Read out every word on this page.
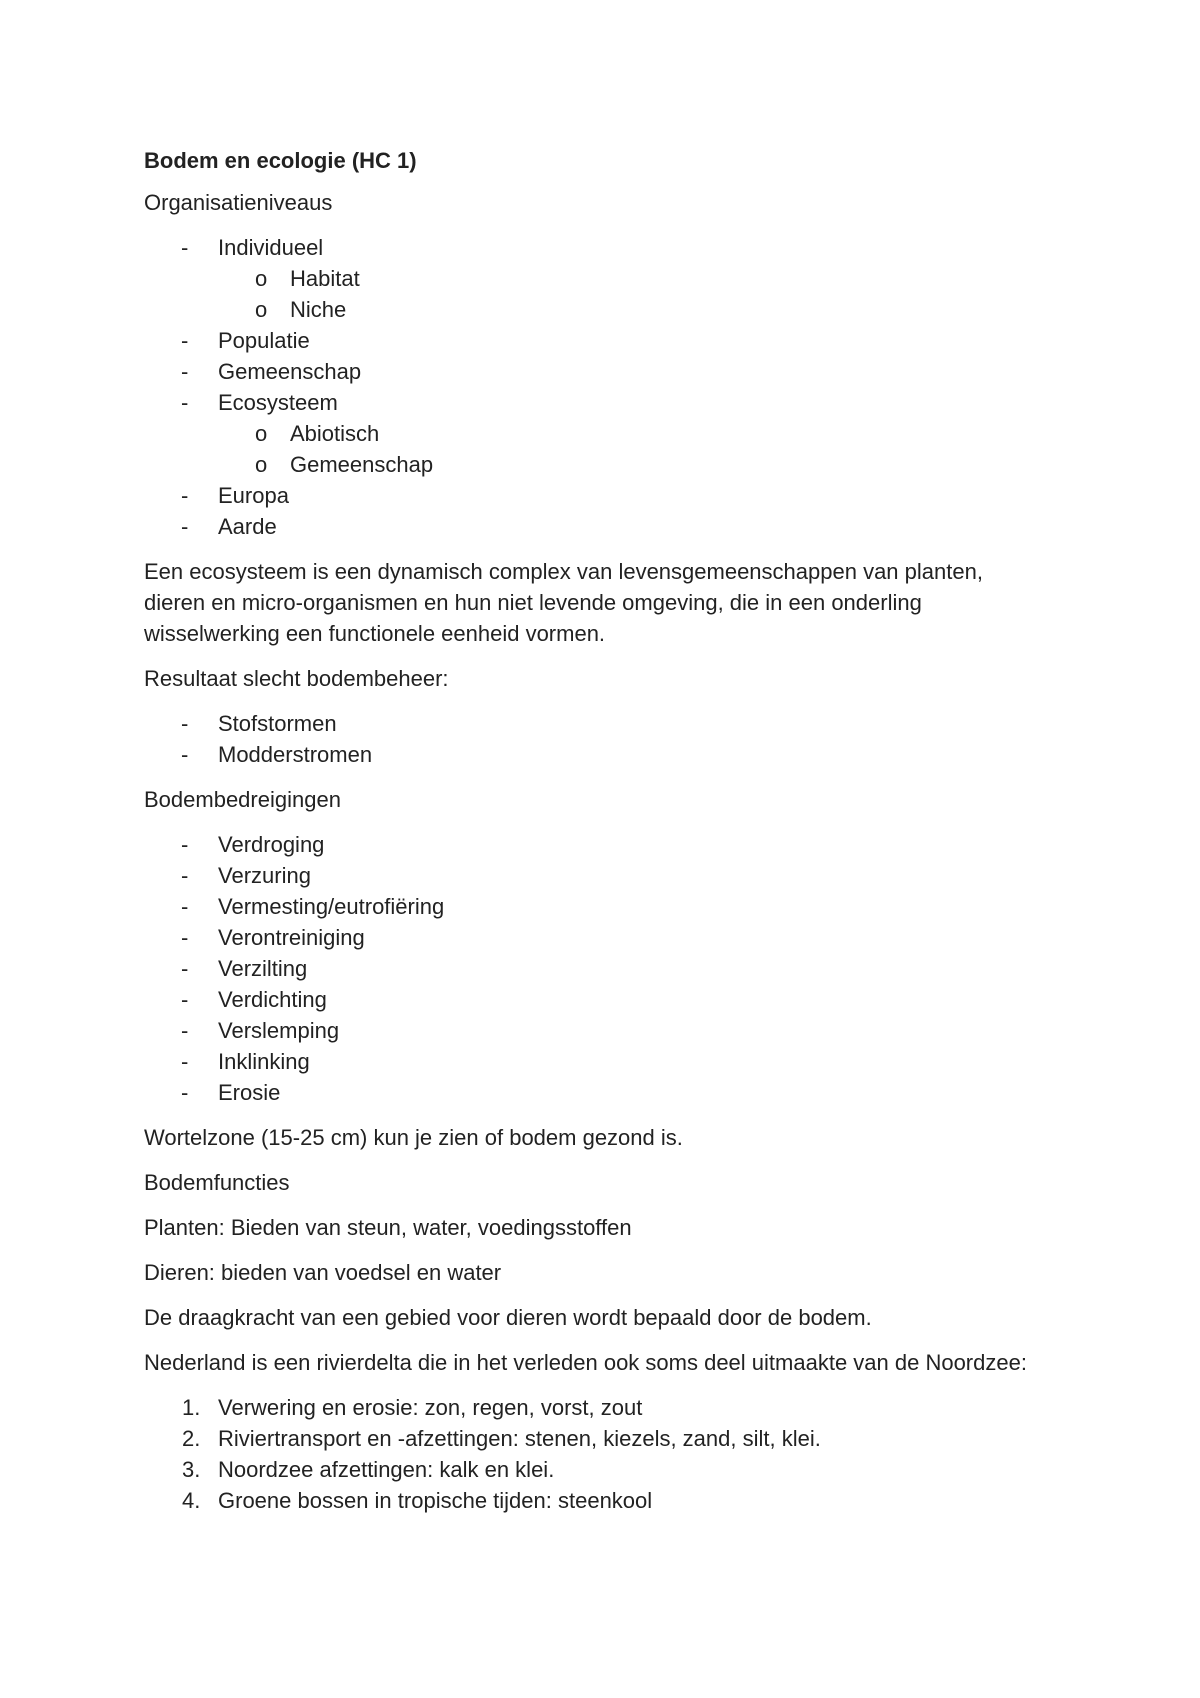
Bodem en ecologie (HC 1)

Organisatieniveaus

- Individueel
o Habitat
o Niche
- Populatie
- Gemeenschap
- Ecosysteem
o Abiotisch
o Gemeenschap
- Europa
- Aarde

Een ecosysteem is een dynamisch complex van levensgemeenschappen van planten, dieren en micro-organismen en hun niet levende omgeving, die in een onderling wisselwerking een functionele eenheid vormen.

Resultaat slecht bodembeheer:

- Stofstormen
- Modderstromen

Bodembedreigingen

- Verdroging
- Verzuring
- Vermesting/eutrofiëring
- Verontreiniging
- Verzilting
- Verdichting
- Verslemping
- Inklinking
- Erosie

Wortelzone (15-25 cm) kun je zien of bodem gezond is.

Bodemfuncties

Planten: Bieden van steun, water, voedingsstoffen

Dieren: bieden van voedsel en water

De draagkracht van een gebied voor dieren wordt bepaald door de bodem.

Nederland is een rivierdelta die in het verleden ook soms deel uitmaakte van de Noordzee:

1. Verwering en erosie: zon, regen, vorst, zout
2. Riviertransport en -afzettingen: stenen, kiezels, zand, silt, klei.
3. Noordzee afzettingen: kalk en klei.
4. Groene bossen in tropische tijden: steenkool
